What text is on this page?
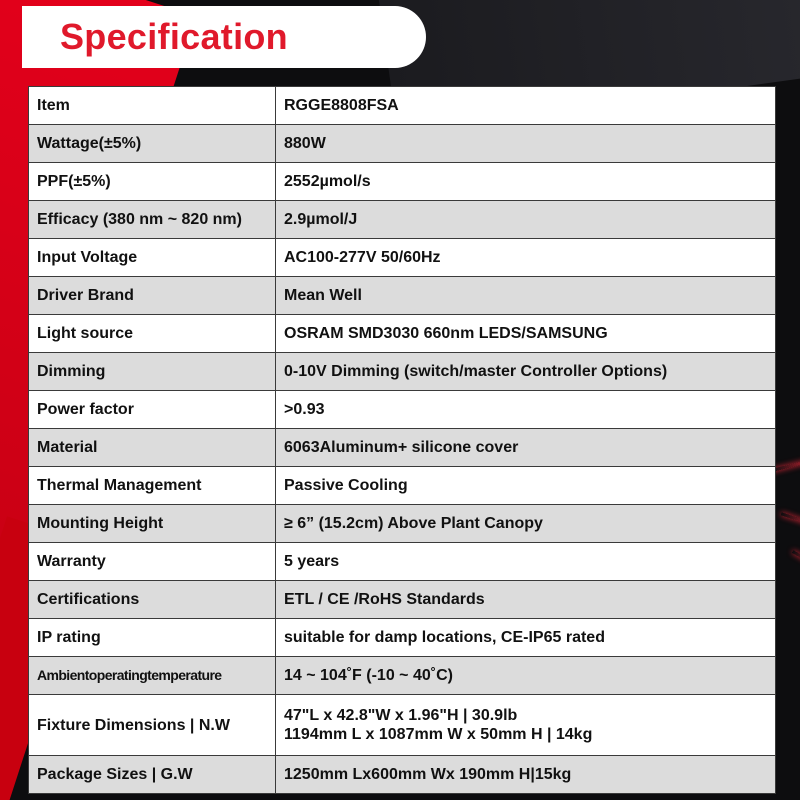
Specification
Item	RGGE8808FSA
Wattage(±5%)	880W
PPF(±5%)	2552µmol/s
Efficacy (380 nm ~ 820 nm)	2.9µmol/J
Input Voltage	AC100-277V 50/60Hz
Driver Brand	Mean Well
Light source	OSRAM SMD3030 660nm LEDS/SAMSUNG
Dimming	0-10V Dimming (switch/master Controller Options)
Power factor	>0.93
Material	6063Aluminum+ silicone cover
Thermal Management	Passive Cooling
Mounting Height	≥ 6” (15.2cm) Above Plant Canopy
Warranty	5 years
Certifications	ETL / CE /RoHS Standards
IP rating	suitable for damp locations, CE-IP65 rated
Ambientoperatingtemperature	14 ~ 104˚F (-10 ~ 40˚C)
Fixture Dimensions | N.W	47"L x 42.8"W x 1.96"H | 30.9lb
1194mm L x 1087mm W x 50mm H | 14kg

Package Sizes | G.W	1250mm Lx600mm Wx 190mm H|15kg
